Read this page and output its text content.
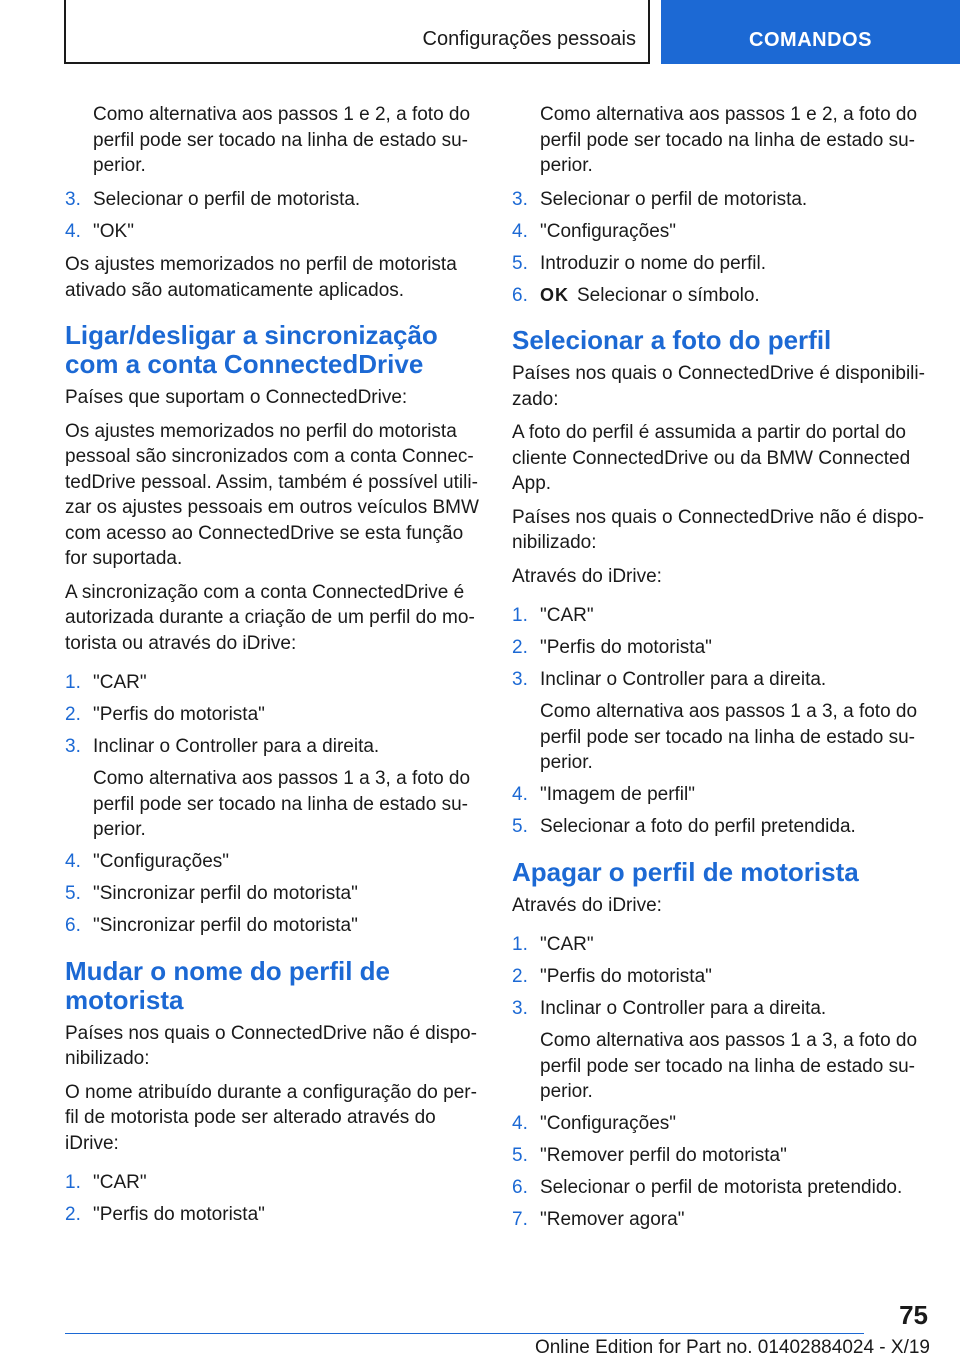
Configurações pessoais	COMANDOS

Como alternativa aos passos 1 e 2, a foto do perfil pode ser tocado na linha de estado superior.

3. Selecionar o perfil de motorista.
4. "OK"

Os ajustes memorizados no perfil de motorista ativado são automaticamente aplicados.

Ligar/desligar a sincronização com a conta ConnectedDrive

Países que suportam o ConnectedDrive:

Os ajustes memorizados no perfil do motorista pessoal são sincronizados com a conta ConnectedDrive pessoal. Assim, também é possível utilizar os ajustes pessoais em outros veículos BMW com acesso ao ConnectedDrive se esta função for suportada.

A sincronização com a conta ConnectedDrive é autorizada durante a criação de um perfil do motorista ou através do iDrive:

1. "CAR"
2. "Perfis do motorista"
3. Inclinar o Controller para a direita.
Como alternativa aos passos 1 a 3, a foto do perfil pode ser tocado na linha de estado superior.
4. "Configurações"
5. "Sincronizar perfil do motorista"
6. "Sincronizar perfil do motorista"
Mudar o nome do perfil de motorista

Países nos quais o ConnectedDrive não é disponibilizado:

O nome atribuído durante a configuração do perfil de motorista pode ser alterado através do iDrive:

1. "CAR"
2. "Perfis do motorista"

Como alternativa aos passos 1 e 2, a foto do perfil pode ser tocado na linha de estado superior.

3. Selecionar o perfil de motorista.
4. "Configurações"
5. Introduzir o nome do perfil.
6. OK Selecionar o símbolo.
Selecionar a foto do perfil

Países nos quais o ConnectedDrive é disponibilizado:

A foto do perfil é assumida a partir do portal do cliente ConnectedDrive ou da BMW Connected App.

Países nos quais o ConnectedDrive não é disponibilizado:

Através do iDrive:

1. "CAR"
2. "Perfis do motorista"
3. Inclinar o Controller para a direita.
Como alternativa aos passos 1 a 3, a foto do perfil pode ser tocado na linha de estado superior.
4. "Imagem de perfil"
5. Selecionar a foto do perfil pretendida.
Apagar o perfil de motorista

Através do iDrive:

1. "CAR"
2. "Perfis do motorista"
3. Inclinar o Controller para a direita.
Como alternativa aos passos 1 a 3, a foto do perfil pode ser tocado na linha de estado superior.
4. "Configurações"
5. "Remover perfil do motorista"
6. Selecionar o perfil de motorista pretendido.
7. "Remover agora"
75
Online Edition for Part no. 01402884024 - X/19
